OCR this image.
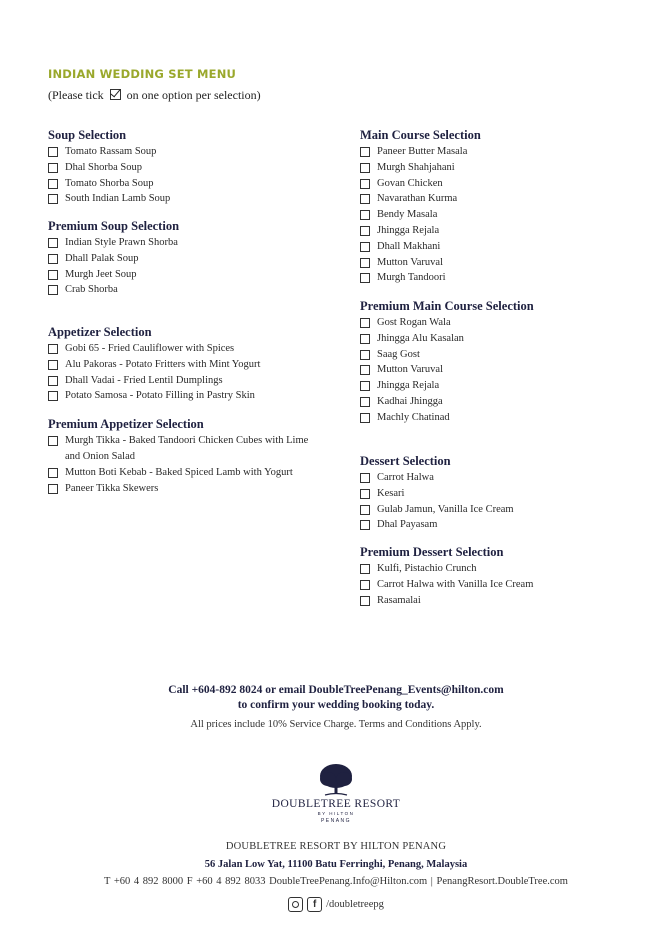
INDIAN WEDDING SET MENU
(Please tick on one option per selection)
Soup Selection
Tomato Rassam Soup
Dhal Shorba Soup
Tomato Shorba Soup
South Indian Lamb Soup
Premium Soup Selection
Indian Style Prawn Shorba
Dhall Palak Soup
Murgh Jeet Soup
Crab Shorba
Appetizer Selection
Gobi 65 - Fried Cauliflower with Spices
Alu Pakoras - Potato Fritters with Mint Yogurt
Dhall Vadai - Fried Lentil Dumplings
Potato Samosa - Potato Filling in Pastry Skin
Premium Appetizer Selection
Murgh Tikka - Baked Tandoori Chicken Cubes with Lime and Onion Salad
Mutton Boti Kebab - Baked Spiced Lamb with Yogurt
Paneer Tikka Skewers
Main Course Selection
Paneer Butter Masala
Murgh Shahjahani
Govan Chicken
Navarathan Kurma
Bendy Masala
Jhingga Rejala
Dhall Makhani
Mutton Varuval
Murgh Tandoori
Premium Main Course Selection
Gost Rogan Wala
Jhingga Alu Kasalan
Saag Gost
Mutton Varuval
Jhingga Rejala
Kadhai Jhingga
Machly Chatinad
Dessert Selection
Carrot Halwa
Kesari
Gulab Jamun, Vanilla Ice Cream
Dhal Payasam
Premium Dessert Selection
Kulfi, Pistachio Crunch
Carrot Halwa with Vanilla Ice Cream
Rasamalai
Call +604-892 8024 or email DoubleTreePenang_Events@hilton.com
to confirm your wedding booking today.
All prices include 10% Service Charge. Terms and Conditions Apply.
DOUBLETREE RESORT
BY HILTON
PENANG
DOUBLETREE RESORT BY HILTON PENANG
56 Jalan Low Yat, 11100 Batu Ferringhi, Penang, Malaysia
T +60 4 892 8000 F +60 4 892 8033 DoubleTreePenang.Info@Hilton.com | PenangResort.DoubleTree.com
f /doubletreepg
